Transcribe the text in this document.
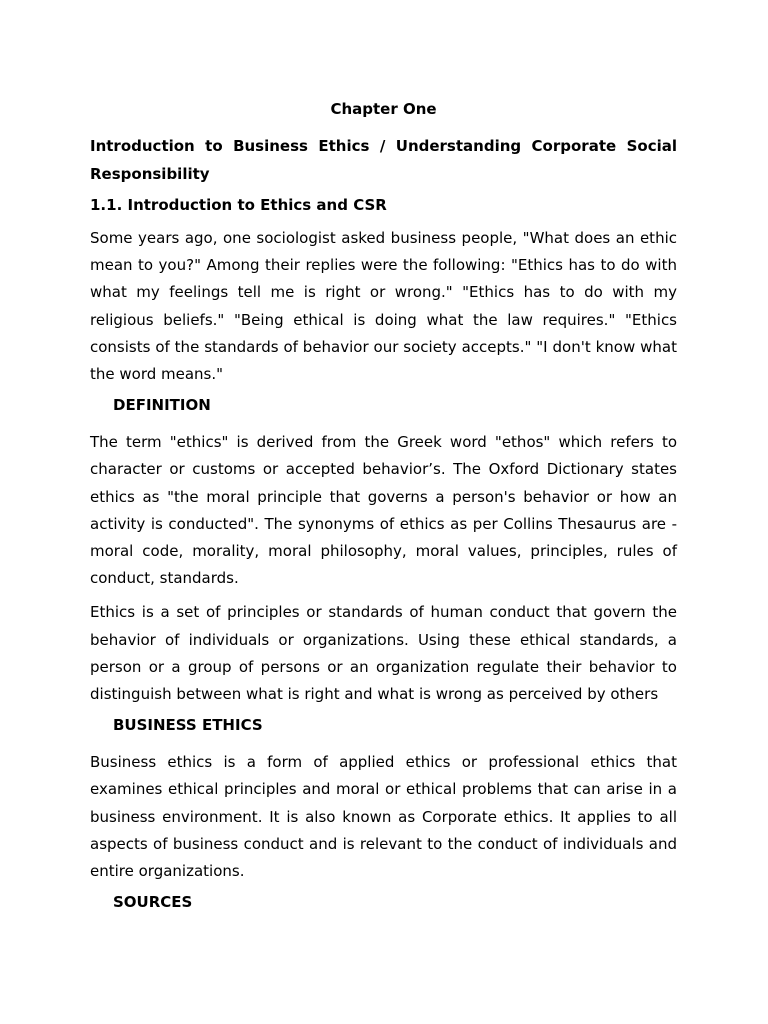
Chapter One
Introduction to Business Ethics / Understanding Corporate Social Responsibility
1.1. Introduction to Ethics and CSR

Some years ago, one sociologist asked business people, "What does an ethic mean to you?" Among their replies were the following: "Ethics has to do with what my feelings tell me is right or wrong." "Ethics has to do with my religious beliefs." "Being ethical is doing what the law requires." "Ethics consists of the standards of behavior our society accepts." "I don't know what the word means."

DEFINITION

The term "ethics" is derived from the Greek word "ethos" which refers to character or customs or accepted behavior’s. The Oxford Dictionary states ethics as "the moral principle that governs a person's behavior or how an activity is conducted". The synonyms of ethics as per Collins Thesaurus are - moral code, morality, moral philosophy, moral values, principles, rules of conduct, standards.

Ethics is a set of principles or standards of human conduct that govern the behavior of individuals or organizations. Using these ethical standards, a person or a group of persons or an organization regulate their behavior to distinguish between what is right and what is wrong as perceived by others

BUSINESS ETHICS

Business ethics is a form of applied ethics or professional ethics that examines ethical principles and moral or ethical problems that can arise in a business environment. It is also known as Corporate ethics. It applies to all aspects of business conduct and is relevant to the conduct of individuals and entire organizations.

SOURCES
